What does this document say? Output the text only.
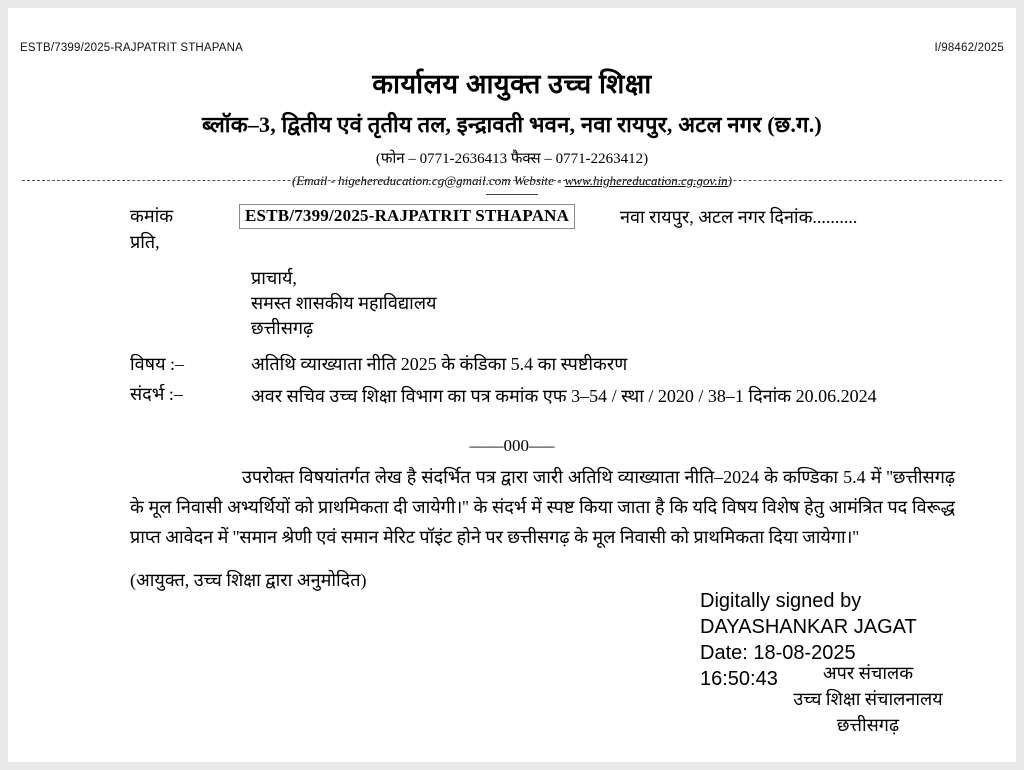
ESTB/7399/2025-RAJPATRIT STHAPANA	I/98462/2025
कार्यालय आयुक्त उच्च शिक्षा
ब्लॉक–3, द्वितीय एवं तृतीय तल, इन्द्रावती भवन, नवा रायपुर, अटल नगर (छ.ग.)
(फोन – 0771-2636413 फैक्स – 0771-2263412)
(Email - higehereducation.cg@gmail.com Website - www.highereducation.cg.gov.in)
कमांक	ESTB/7399/2025-RAJPATRIT STHAPANA	नवा रायपुर, अटल नगर दिनांक..........
प्रति,
प्राचार्य,
समस्त शासकीय महाविद्यालय
छत्तीसगढ़
विषय :–	अतिथि व्याख्याता नीति 2025 के कंडिका 5.4 का स्पष्टीकरण
संदर्भ :–	अवर सचिव उच्च शिक्षा विभाग का पत्र कमांक एफ 3–54 / स्था / 2020 / 38–1 दिनांक 20.06.2024
––––000–––
उपरोक्त विषयांतर्गत लेख है संदर्भित पत्र द्वारा जारी अतिथि व्याख्याता नीति–2024 के कण्डिका 5.4 में ''छत्तीसगढ़ के मूल निवासी अभ्यर्थियों को प्राथमिकता दी जायेगी।'' के संदर्भ में स्पष्ट किया जाता है कि यदि विषय विशेष हेतु आमंत्रित पद विरूद्ध प्राप्त आवेदन में ''समान श्रेणी एवं समान मेरिट पॉइंट होने पर छत्तीसगढ़ के मूल निवासी को प्राथमिकता दिया जायेगा।''
(आयुक्त, उच्च शिक्षा द्वारा अनुमोदित)
Digitally signed by
DAYASHANKAR JAGAT
Date: 18-08-2025
16:50:43	अपर संचालक
उच्च शिक्षा संचालनालय
छत्तीसगढ़
